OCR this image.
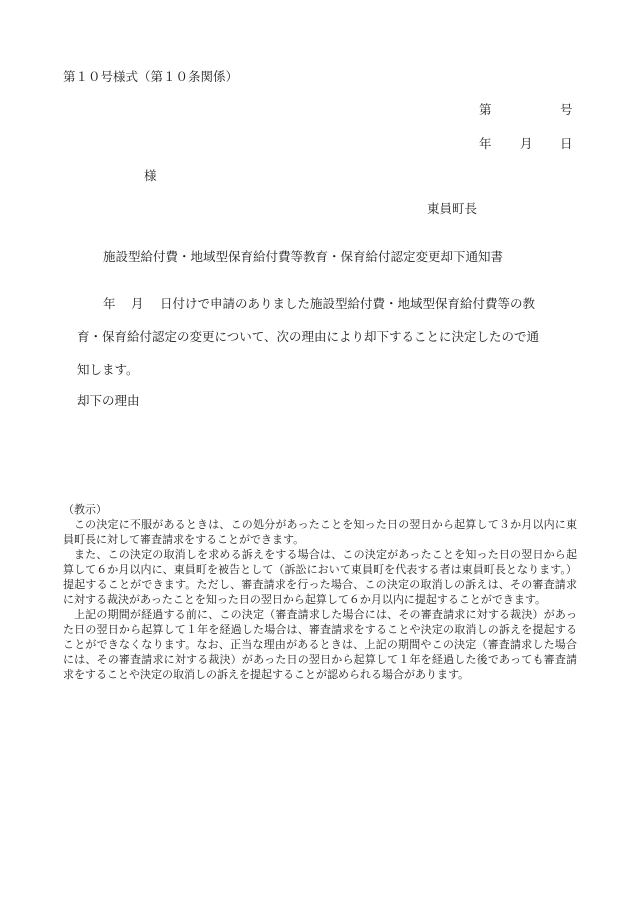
第１０号様式（第１０条関係）
第	号
年 月 日
様
東員町長
施設型給付費・地域型保育給付費等教育・保育給付認定変更却下通知書
年 月 日付けで申請のありました施設型給付費・地域型保育給付費等の教
育・保育給付認定の変更について、次の理由により却下することに決定したので通
知します。
却下の理由

（教示）

この決定に不服があるときは、この処分があったことを知った日の翌日から起算して３か月以内に東員町長に対して審査請求をすることができます。

また、この決定の取消しを求める訴えをする場合は、この決定があったことを知った日の翌日から起算して６か月以内に、東員町を被告として（訴訟において東員町を代表する者は東員町長となります。）提起することができます。ただし、審査請求を行った場合、この決定の取消しの訴えは、その審査請求に対する裁決があったことを知った日の翌日から起算して６か月以内に提起することができます。

上記の期間が経過する前に、この決定（審査請求した場合には、その審査請求に対する裁決）があった日の翌日から起算して１年を経過した場合は、審査請求をすることや決定の取消しの訴えを提起することができなくなります。なお、正当な理由があるときは、上記の期間やこの決定（審査請求した場合には、その審査請求に対する裁決）があった日の翌日から起算して１年を経過した後であっても審査請求をすることや決定の取消しの訴えを提起することが認められる場合があります。
